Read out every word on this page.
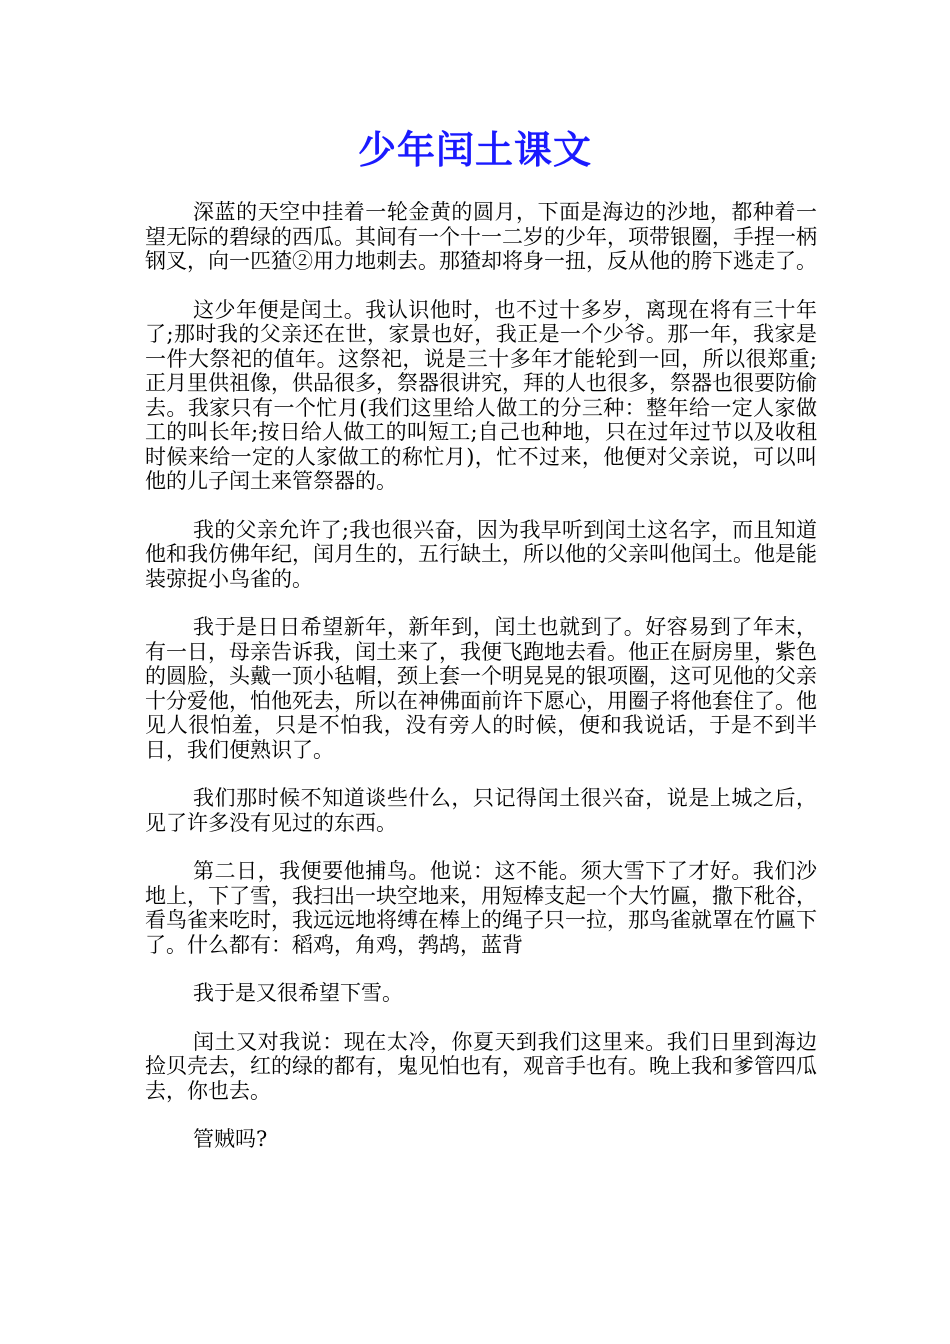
少年闰土课文

深蓝的天空中挂着一轮金黄的圆月，下面是海边的沙地，都种着一望无际的碧绿的西瓜。其间有一个十一二岁的少年，项带银圈，手捏一柄钢叉，向一匹猹②用力地刺去。那猹却将身一扭，反从他的胯下逃走了。

这少年便是闰土。我认识他时，也不过十多岁，离现在将有三十年了;那时我的父亲还在世，家景也好，我正是一个少爷。那一年，我家是一件大祭祀的值年。这祭祀，说是三十多年才能轮到一回，所以很郑重;正月里供祖像，供品很多，祭器很讲究，拜的人也很多，祭器也很要防偷去。我家只有一个忙月(我们这里给人做工的分三种：整年给一定人家做工的叫长年;按日给人做工的叫短工;自己也种地，只在过年过节以及收租时候来给一定的人家做工的称忙月)，忙不过来，他便对父亲说，可以叫他的儿子闰土来管祭器的。

我的父亲允许了;我也很兴奋，因为我早听到闰土这名字，而且知道他和我仿佛年纪，闰月生的，五行缺土，所以他的父亲叫他闰土。他是能装弶捉小鸟雀的。

我于是日日希望新年，新年到，闰土也就到了。好容易到了年末，有一日，母亲告诉我，闰土来了，我便飞跑地去看。他正在厨房里，紫色的圆脸，头戴一顶小毡帽，颈上套一个明晃晃的银项圈，这可见他的父亲十分爱他，怕他死去，所以在神佛面前许下愿心，用圈子将他套住了。他见人很怕羞，只是不怕我，没有旁人的时候，便和我说话，于是不到半日，我们便熟识了。

我们那时候不知道谈些什么，只记得闰土很兴奋，说是上城之后，见了许多没有见过的东西。

第二日，我便要他捕鸟。他说：这不能。须大雪下了才好。我们沙地上，下了雪，我扫出一块空地来，用短棒支起一个大竹匾，撒下秕谷，看鸟雀来吃时，我远远地将缚在棒上的绳子只一拉，那鸟雀就罩在竹匾下了。什么都有：稻鸡，角鸡，鹁鸪，蓝背

我于是又很希望下雪。

闰土又对我说：现在太冷，你夏天到我们这里来。我们日里到海边捡贝壳去，红的绿的都有，鬼见怕也有，观音手也有。晚上我和爹管四瓜去，你也去。

管贼吗?
